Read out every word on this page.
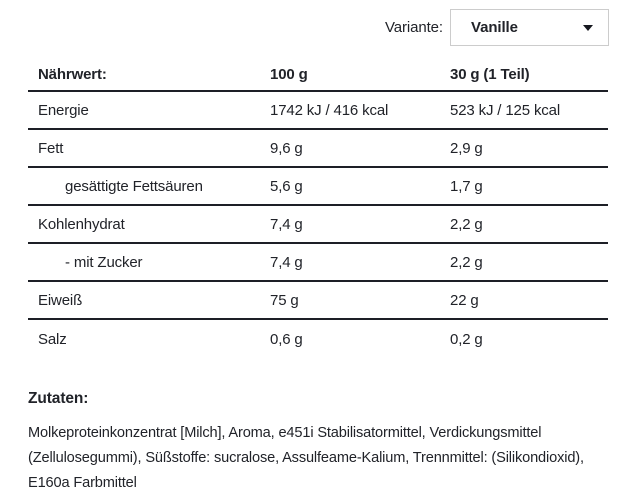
Variante: Vanille
Nährwert:	100 g	30 g (1 Teil)
Energie	1742 kJ / 416 kcal	523 kJ / 125 kcal
Fett	9,6 g	2,9 g
gesättigte Fettsäuren	5,6 g	1,7 g
Kohlenhydrat	7,4 g	2,2 g
- mit Zucker	7,4 g	2,2 g
Eiweiß	75 g	22 g
Salz	0,6 g	0,2 g
Zutaten:

Molkeproteinkonzentrat [Milch], Aroma, e451i Stabilisatormittel, Verdickungsmittel (Zellulosegummi), Süßstoffe: sucralose, Assulfeame-Kalium, Trennmittel: (Silikondioxid), E160a Farbmittel
